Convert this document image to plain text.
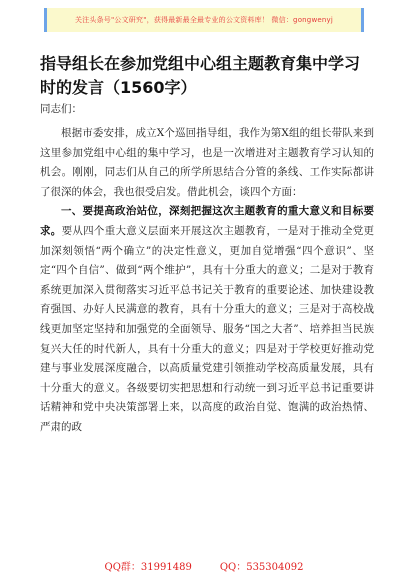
关注头条号"公文研究"，获得最新最全最专业的公文资料库！ 微信：gongwenyj
指导组长在参加党组中心组主题教育集中学习时的发言（1560字）
同志们：

根据市委安排，成立X个巡回指导组，我作为第X组的组长带队来到这里参加党组中心组的集中学习，也是一次增进对主题教育学习认知的机会。刚刚，同志们从自己的所学所思结合分管的条线、工作实际都讲了很深的体会，我也很受启发。借此机会，谈四个方面：

一、要提高政治站位，深刻把握这次主题教育的重大意义和目标要求。要从四个重大意义层面来开展这次主题教育，一是对于推动全党更加深刻领悟“两个确立”的决定性意义，更加自觉增强“四个意识”、坚定“四个自信”、做到“两个维护”，具有十分重大的意义；二是对于教育系统更加深入贯彻落实习近平总书记关于教育的重要论述、加快建设教育强国、办好人民满意的教育，具有十分重大的意义；三是对于高校战线更加坚定坚持和加强党的全面领导、服务“国之大者”、培养担当民族复兴大任的时代新人，具有十分重大的意义；四是对于学校更好推动党建与事业发展深度融合，以高质量党建引领推动学校高质量发展，具有十分重大的意义。各级要切实把思想和行动统一到习近平总书记重要讲话精神和党中央决策部署上来，以高度的政治自觉、饱满的政治热情、严肃的政

QQ群：31991489	QQ：535304092
